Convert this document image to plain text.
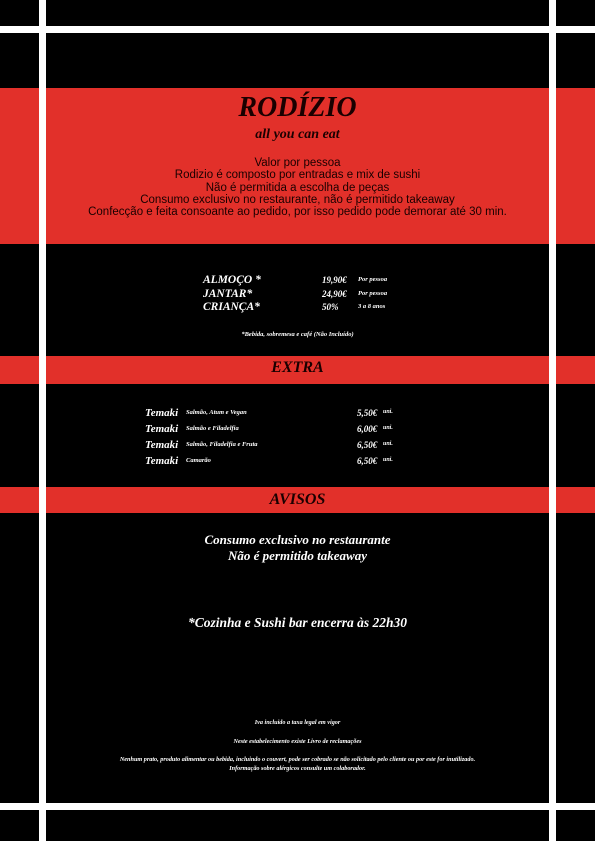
RODÍZIO
all you can eat
Valor por pessoa
Rodizio é composto por entradas e mix de sushi
Não é permitida a escolha de peças
Consumo exclusivo no restaurante, não é permitido takeaway
Confecção e feita consoante ao pedido, por isso pedido pode demorar até 30 min.
ALMOÇO *	19,90€ Por pessoa
JANTAR*	24,90€ Por pessoa
CRIANÇA*	50%	3 a 8 anos
*Bebida, sobremesa e café (Não Incluído)
EXTRA
Temaki Salmão, Atum e Vegan	5,50€ uni.
Temaki Salmão e Filadelfia	6,00€ uni.
Temaki Salmão, Filadelfia e Fruta	6,50€ uni.
Temaki Camarão	6,50€ uni.
AVISOS
Consumo exclusivo no restaurante
Não é permitido takeaway
*Cozinha e Sushi bar encerra às 22h30
Iva incluido a taxa legal em vigor
Neste estabelecimento existe Livro de reclamações
Nenhum prato, produto alimentar ou bebida, incluindo o couvert, pode ser cobrado se não solicitado pelo cliente ou por este for inutilizado.
Informação sobre alérgicos consulte um colaborador.
